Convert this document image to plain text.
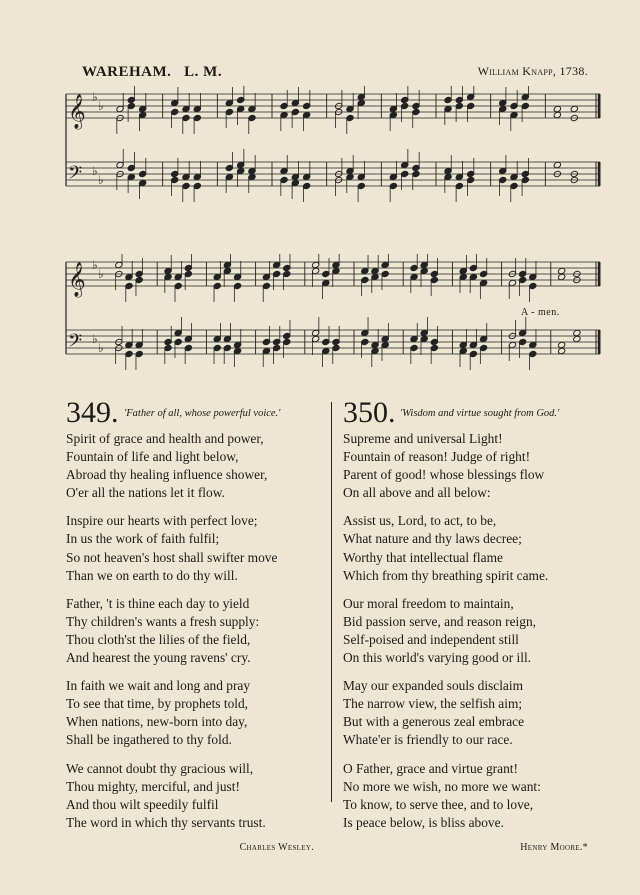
WAREHAM. L. M.	William Knapp, 1738.
𝄞 ♭
♭
𝄢 ♭
♭
𝄞 ♭
♭
𝄢 ♭
♭
A - men.
349. 'Father of all, whose powerful voice.'
Spirit of grace and health and power,
Fountain of life and light below,
Abroad thy healing influence shower,
O'er all the nations let it flow.
Inspire our hearts with perfect love;
In us the work of faith fulfil;
So not heaven's host shall swifter move
Than we on earth to do thy will.
Father, 't is thine each day to yield
Thy children's wants a fresh supply:
Thou cloth'st the lilies of the field,
And hearest the young ravens' cry.
In faith we wait and long and pray
To see that time, by prophets told,
When nations, new-born into day,
Shall be ingathered to thy fold.
We cannot doubt thy gracious will,
Thou mighty, merciful, and just!
And thou wilt speedily fulfil
The word in which thy servants trust.
Charles Wesley.
350. 'Wisdom and virtue sought from God.'
Supreme and universal Light!
Fountain of reason! Judge of right!
Parent of good! whose blessings flow
On all above and all below:
Assist us, Lord, to act, to be,
What nature and thy laws decree;
Worthy that intellectual flame
Which from thy breathing spirit came.
Our moral freedom to maintain,
Bid passion serve, and reason reign,
Self-poised and independent still
On this world's varying good or ill.
May our expanded souls disclaim
The narrow view, the selfish aim;
But with a generous zeal embrace
Whate'er is friendly to our race.
O Father, grace and virtue grant!
No more we wish, no more we want:
To know, to serve thee, and to love,
Is peace below, is bliss above.
Henry Moore.*
